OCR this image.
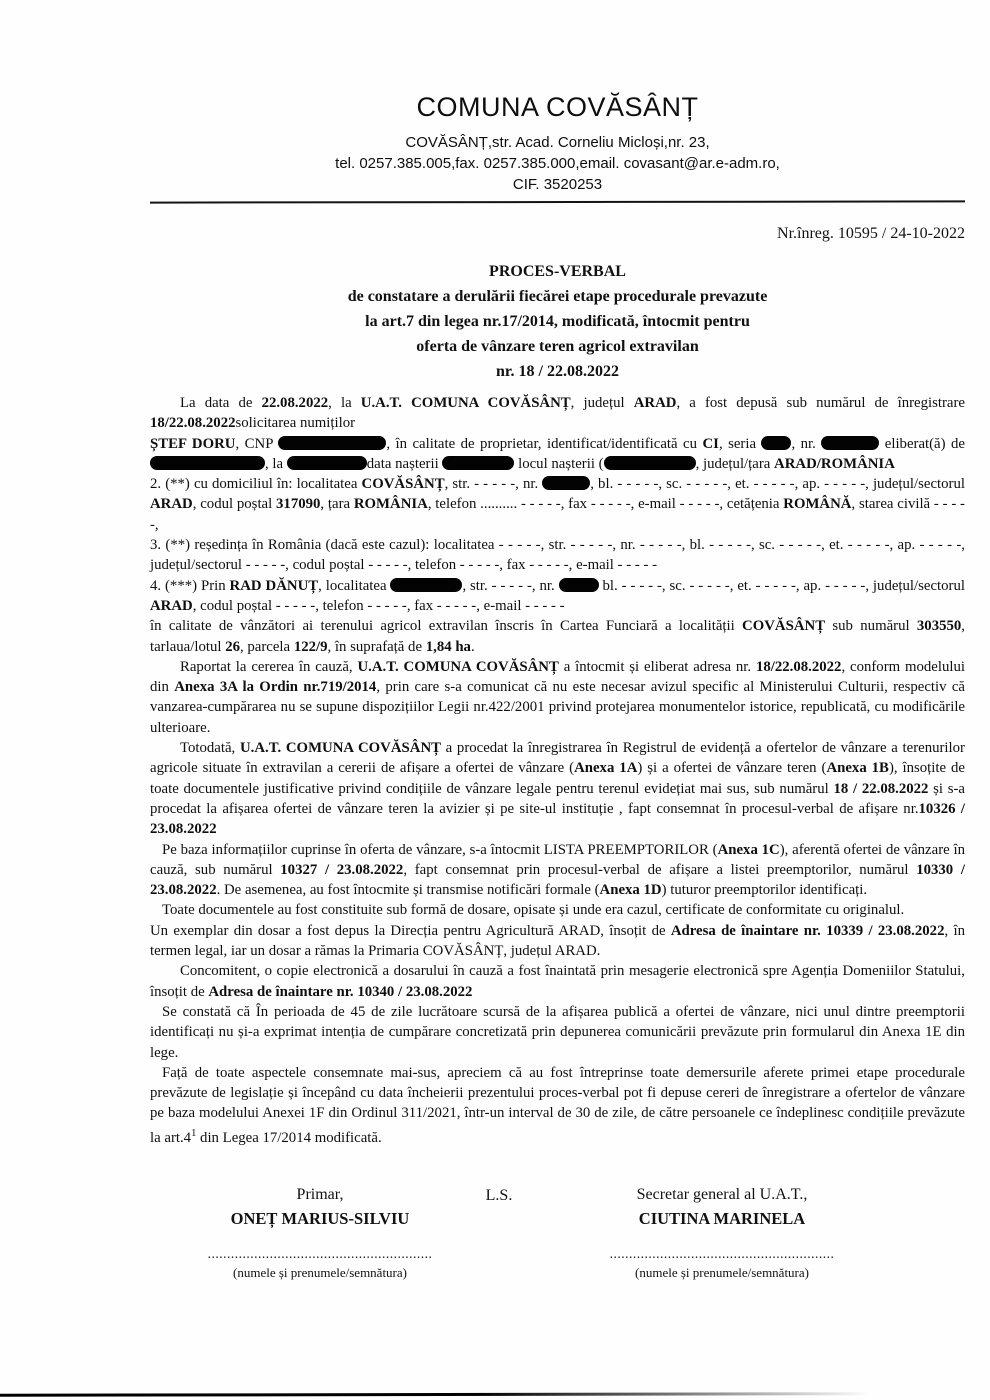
COMUNA COVĂSÂNȚ
COVĂSÂNȚ,str. Acad. Corneliu Micloși,nr. 23,
tel. 0257.385.005,fax. 0257.385.000,email. covasant@ar.e-adm.ro,
CIF. 3520253
Nr.înreg. 10595 / 24-10-2022
PROCES-VERBAL
de constatare a derulării fiecărei etape procedurale prevazute
la art.7 din legea nr.17/2014, modificată, întocmit pentru
oferta de vânzare teren agricol extravilan
nr. 18 / 22.08.2022

La data de 22.08.2022, la U.A.T. COMUNA COVĂSÂNȚ, județul ARAD, a fost depusă sub numărul de înregistrare 18/22.08.2022solicitarea numiților

ȘTEF DORU, CNP	, în calitate de proprietar, identificat/identificată cu CI, seria , nr.	eliberat(ă) de , la	data nașterii	locul nașterii (	, județul/țara ARAD/ROMÂNIA

2. (**) cu domiciliul în: localitatea COVĂSÂNȚ, str. - - - - -, nr.	, bl. - - - - -, sc. - - - - -, et. - - - - -, ap. - - - - -, județul/sectorul ARAD, codul poștal 317090, țara ROMÂNIA, telefon .......... - - - - -, fax - - - - -, e-mail - - - - -, cetățenia ROMÂNĂ, starea civilă - - - - -,

3. (**) reședința în România (dacă este cazul): localitatea - - - - -, str. - - - - -, nr. - - - - -, bl. - - - - -, sc. - - - - -, et. - - - - -, ap. - - - - -, județul/sectorul - - - - -, codul poștal - - - - -, telefon - - - - -, fax - - - - -, e-mail - - - - -

4. (***) Prin RAD DĂNUȚ, localitatea	, str. - - - - -, nr.	bl. - - - - -, sc. - - - - -, et. - - - - -, ap. - - - - -, județul/sectorul ARAD, codul poștal - - - - -, telefon - - - - -, fax - - - - -, e-mail - - - - -

în calitate de vânzători ai terenului agricol extravilan înscris în Cartea Funciară a localității COVĂSÂNȚ sub numărul 303550, tarlaua/lotul 26, parcela 122/9, în suprafață de 1,84 ha.

Raportat la cererea în cauză, U.A.T. COMUNA COVĂSÂNȚ a întocmit și eliberat adresa nr. 18/22.08.2022, conform modelului din Anexa 3A la Ordin nr.719/2014, prin care s-a comunicat că nu este necesar avizul specific al Ministerului Culturii, respectiv că vanzarea-cumpărarea nu se supune dispozițiilor Legii nr.422/2001 privind protejarea monumentelor istorice, republicată, cu modificările ulterioare.

Totodată, U.A.T. COMUNA COVĂSÂNȚ a procedat la înregistrarea în Registrul de evidență a ofertelor de vânzare a terenurilor agricole situate în extravilan a cererii de afișare a ofertei de vânzare (Anexa 1A) și a ofertei de vânzare teren (Anexa 1B), însoțite de toate documentele justificative privind condițiile de vânzare legale pentru terenul evidețiat mai sus, sub numărul 18 / 22.08.2022 și s-a procedat la afișarea ofertei de vânzare teren la avizier și pe site-ul instituție , fapt consemnat în procesul-verbal de afișare nr.10326 / 23.08.2022

Pe baza informațiilor cuprinse în oferta de vânzare, s-a întocmit LISTA PREEMPTORILOR (Anexa 1C), aferentă ofertei de vânzare în cauză, sub numărul 10327 / 23.08.2022, fapt consemnat prin procesul-verbal de afișare a listei preemptorilor, numărul 10330 / 23.08.2022. De asemenea, au fost întocmite și transmise notificări formale (Anexa 1D) tuturor preemptorilor identificați.

Toate documentele au fost constituite sub formă de dosare, opisate și unde era cazul, certificate de conformitate cu originalul.

Un exemplar din dosar a fost depus la Direcția pentru Agricultură ARAD, însoțit de Adresa de înaintare nr. 10339 / 23.08.2022, în termen legal, iar un dosar a rămas la Primaria COVĂSÂNȚ, județul ARAD.

Concomitent, o copie electronică a dosarului în cauză a fost înaintată prin mesagerie electronică spre Agenția Domeniilor Statului, însoțit de Adresa de înaintare nr. 10340 / 23.08.2022

Se constată că În perioada de 45 de zile lucrătoare scursă de la afișarea publică a ofertei de vânzare, nici unul dintre preemptorii identificați nu și-a exprimat intenția de cumpărare concretizată prin depunerea comunicării prevăzute prin formularul din Anexa 1E din lege.

Față de toate aspectele consemnate mai-sus, apreciem că au fost întreprinse toate demersurile aferete primei etape procedurale prevăzute de legislație și începând cu data încheierii prezentului proces-verbal pot fi depuse cereri de înregistrare a ofertelor de vânzare pe baza modelului Anexei 1F din Ordinul 311/2021, într-un interval de 30 de zile, de către persoanele ce îndeplinesc condițiile prevăzute la $art.4^1$ din Legea 17/2014 modificată.

Primar,
ONEȚ MARIUS-SILVIU
..........................................................
(numele și prenumele/semnătura)
L.S.	Secretar general al U.A.T.,
CIUTINA MARINELA
..........................................................
(numele și prenumele/semnătura)
